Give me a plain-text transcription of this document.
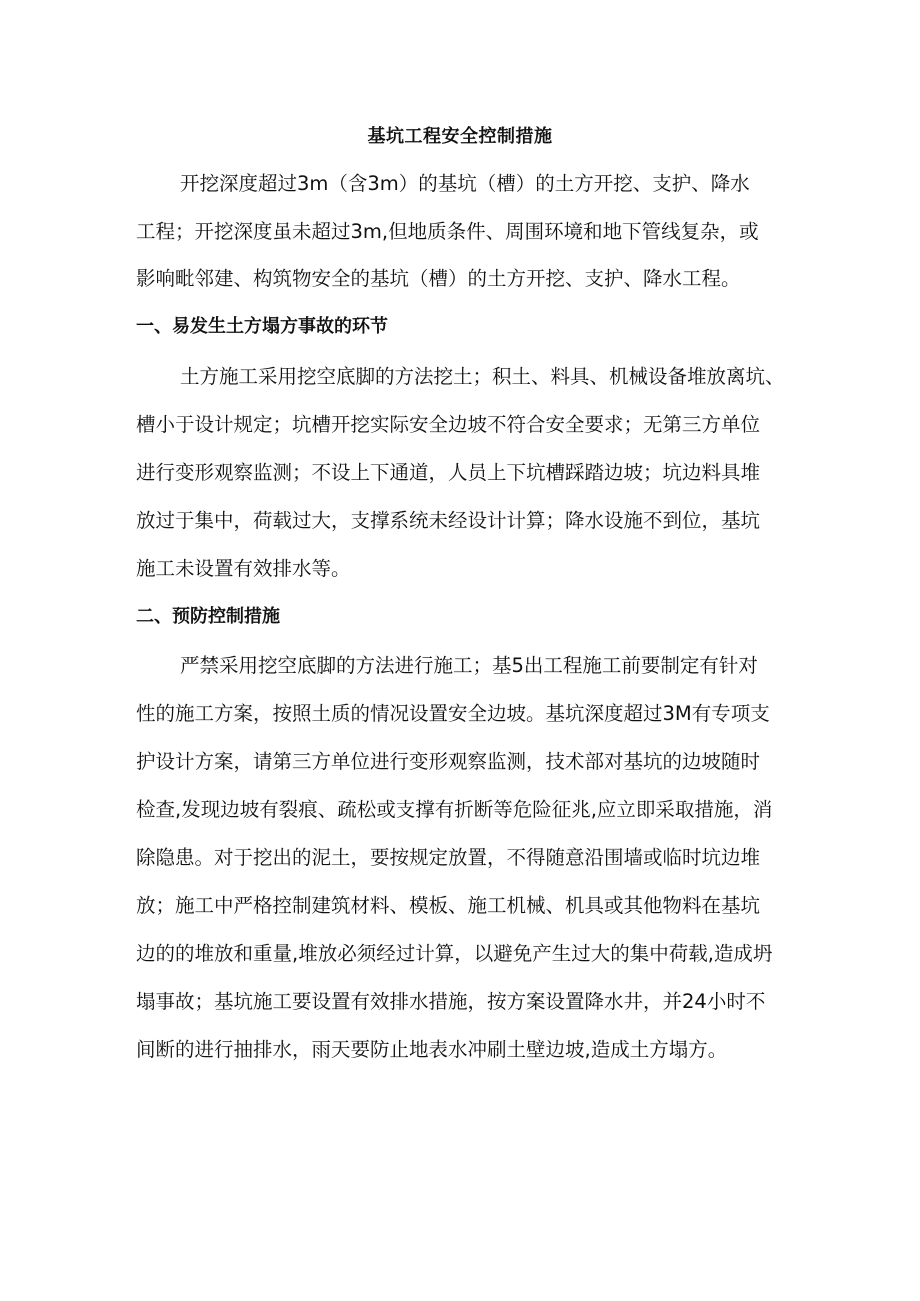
基坑工程安全控制措施
开挖深度超过3m（含3m）的基坑（槽）的土方开挖、支护、降水
工程；开挖深度虽未超过3m,但地质条件、周围环境和地下管线复杂，或
影响毗邻建、构筑物安全的基坑（槽）的土方开挖、支护、降水工程。
一、易发生土方塌方事故的环节
土方施工采用挖空底脚的方法挖土；积土、料具、机械设备堆放离坑、
槽小于设计规定；坑槽开挖实际安全边坡不符合安全要求；无第三方单位
进行变形观察监测；不设上下通道，人员上下坑槽踩踏边坡；坑边料具堆
放过于集中，荷载过大，支撑系统未经设计计算；降水设施不到位，基坑
施工未设置有效排水等。
二、预防控制措施
严禁采用挖空底脚的方法进行施工；基5出工程施工前要制定有针对
性的施工方案，按照土质的情况设置安全边坡。基坑深度超过3M有专项支
护设计方案，请第三方单位进行变形观察监测，技术部对基坑的边坡随时
检查,发现边坡有裂痕、疏松或支撑有折断等危险征兆,应立即采取措施，消
除隐患。对于挖出的泥土，要按规定放置，不得随意沿围墙或临时坑边堆
放；施工中严格控制建筑材料、模板、施工机械、机具或其他物料在基坑
边的的堆放和重量,堆放必须经过计算，以避免产生过大的集中荷载,造成坍
塌事故；基坑施工要设置有效排水措施，按方案设置降水井，并24小时不
间断的进行抽排水，雨天要防止地表水冲刷土壁边坡,造成土方塌方。
